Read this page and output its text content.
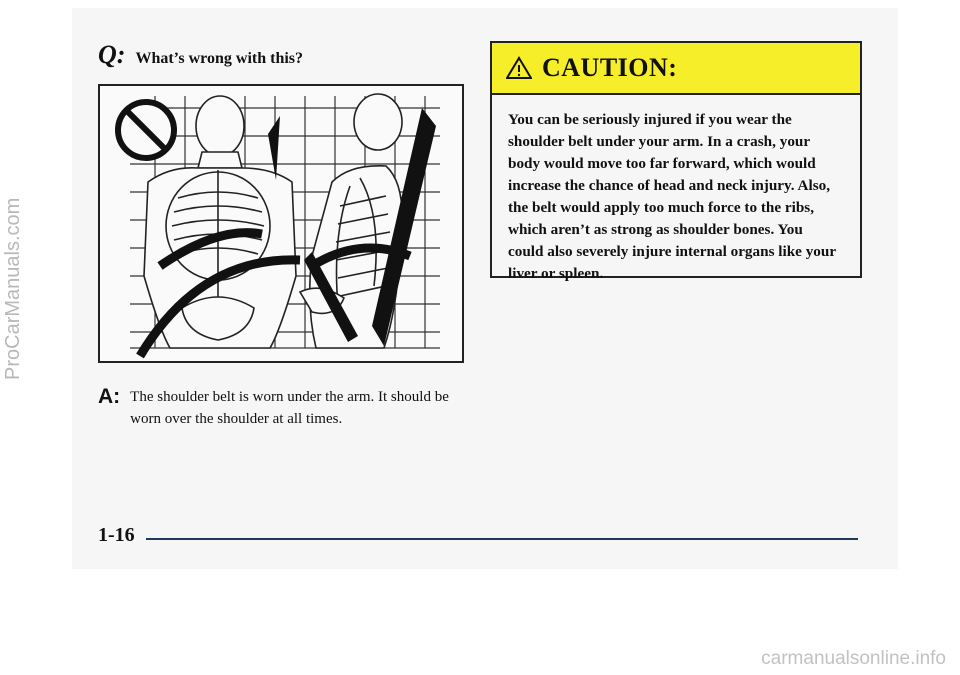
Q: What’s wrong with this?
A: The shoulder belt is worn under the arm. It should be worn over the shoulder at all times.
CAUTION:
You can be seriously injured if you wear the shoulder belt under your arm. In a crash, your body would move too far forward, which would increase the chance of head and neck injury. Also, the belt would apply too much force to the ribs, which aren’t as strong as shoulder bones. You could also severely injure internal organs like your liver or spleen.
1-16
ProCarManuals.com
carmanualsonline.info
